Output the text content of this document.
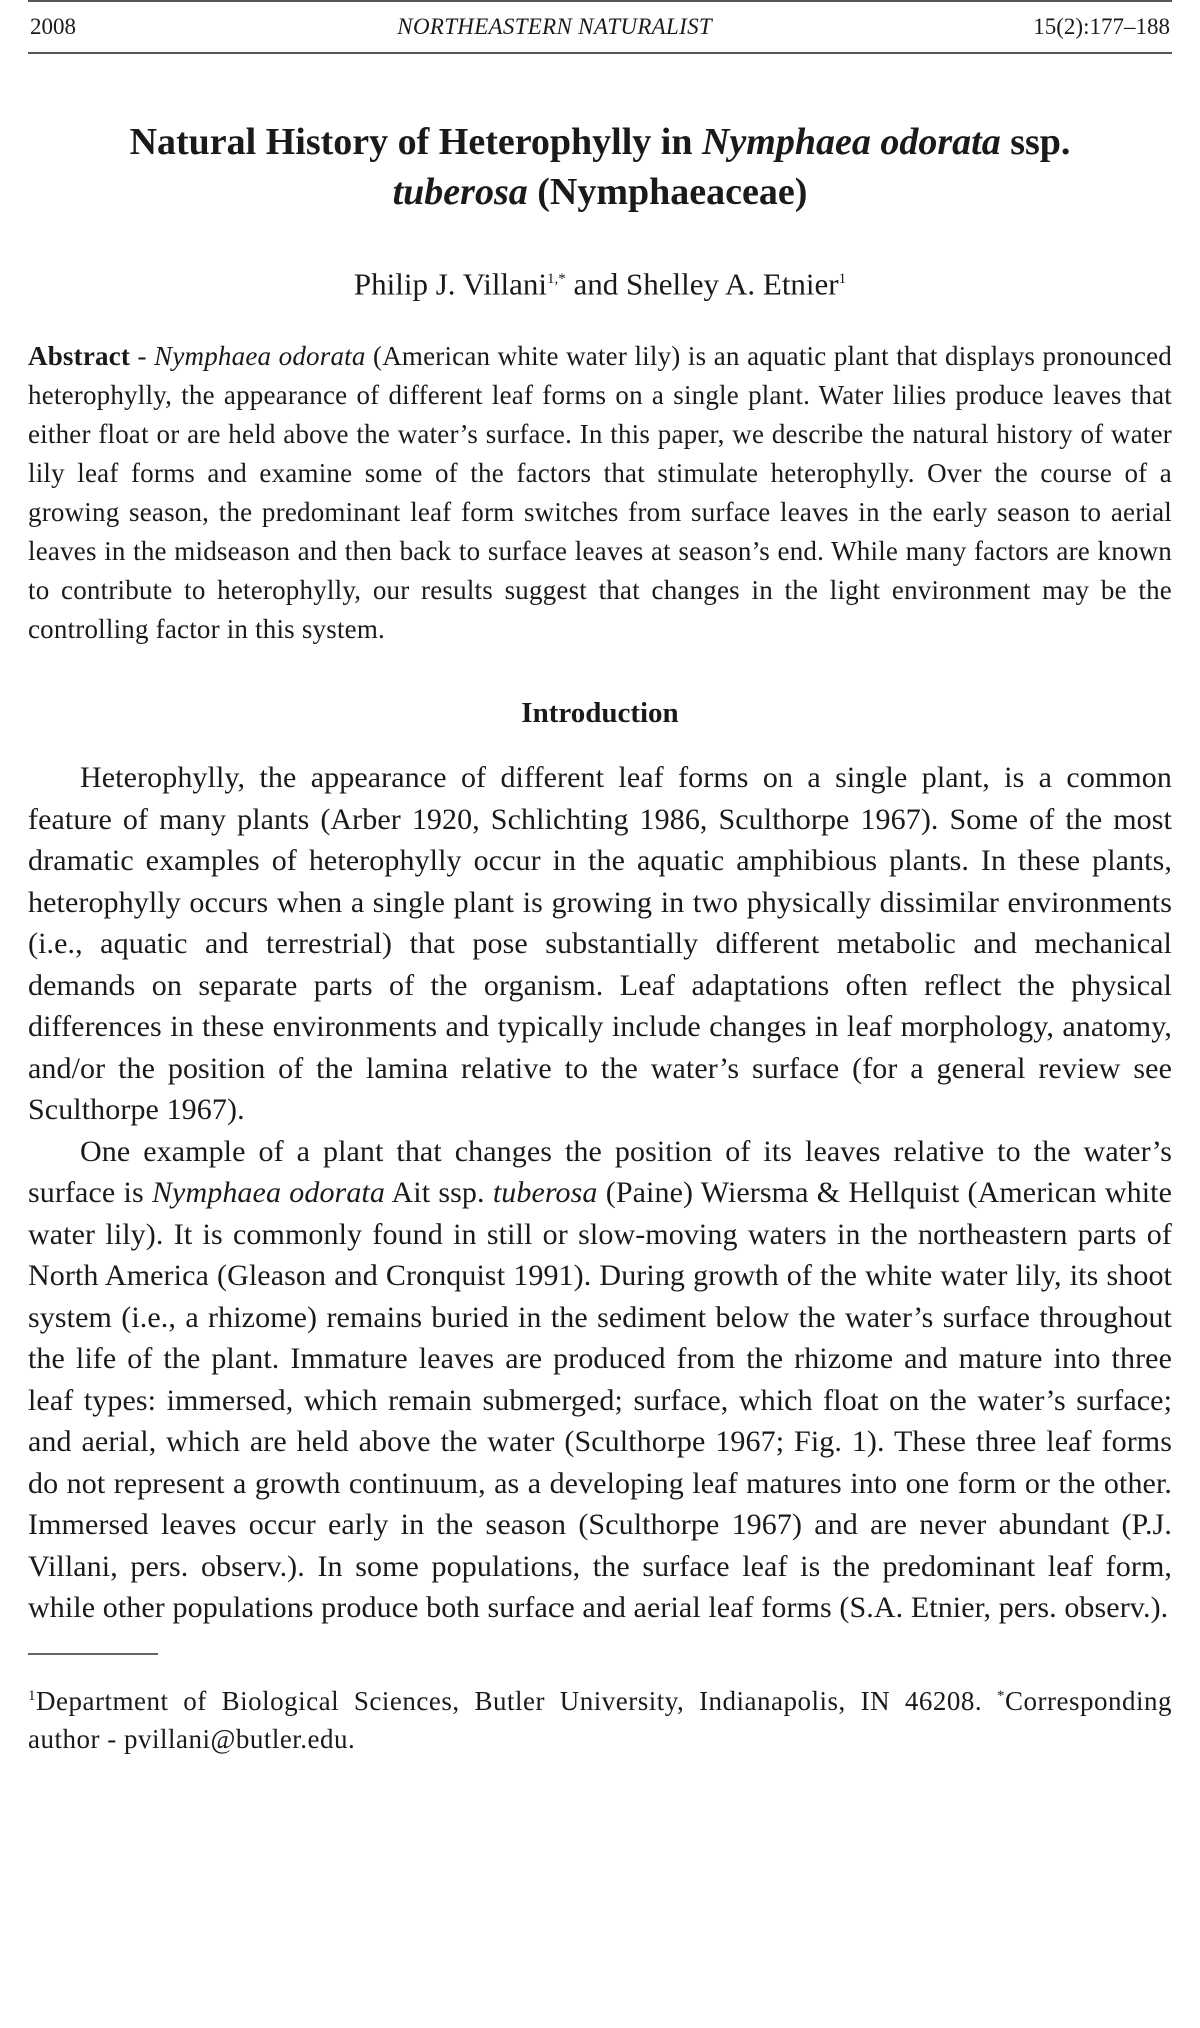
2008	NORTHEASTERN NATURALIST	15(2):177–188
Natural History of Heterophylly in Nymphaea odorata ssp.
tuberosa (Nymphaeaceae)
Philip J. Villani$^{1,*}$ and Shelley A. Etnier$^1$

Abstract - Nymphaea odorata (American white water lily) is an aquatic plant that displays pronounced heterophylly, the appearance of different leaf forms on a single plant. Water lilies produce leaves that either float or are held above the water’s surface. In this paper, we describe the natural history of water lily leaf forms and examine some of the factors that stimulate heterophylly. Over the course of a growing season, the predominant leaf form switches from surface leaves in the early season to aerial leaves in the midseason and then back to surface leaves at season’s end. While many factors are known to contribute to heterophylly, our results suggest that changes in the light environment may be the controlling factor in this system.

Introduction

Heterophylly, the appearance of different leaf forms on a single plant, is a common feature of many plants (Arber 1920, Schlichting 1986, Sculthorpe 1967). Some of the most dramatic examples of heterophylly occur in the aquatic amphibious plants. In these plants, heterophylly occurs when a single plant is growing in two physically dissimilar environments (i.e., aquatic and terrestrial) that pose substantially different metabolic and mechanical demands on separate parts of the organism. Leaf adaptations often reflect the physical differences in these environments and typically include changes in leaf morphology, anatomy, and/or the position of the lamina relative to the water’s surface (for a general review see Sculthorpe 1967).

One example of a plant that changes the position of its leaves relative to the water’s surface is Nymphaea odorata Ait ssp. tuberosa (Paine) Wiersma & Hellquist (American white water lily). It is commonly found in still or slow-moving waters in the northeastern parts of North America (Gleason and Cronquist 1991). During growth of the white water lily, its shoot system (i.e., a rhizome) remains buried in the sediment below the water’s surface throughout the life of the plant. Immature leaves are produced from the rhizome and mature into three leaf types: immersed, which remain submerged; surface, which float on the water’s surface; and aerial, which are held above the water (Sculthorpe 1967; Fig. 1). These three leaf forms do not represent a growth continuum, as a developing leaf matures into one form or the other. Immersed leaves occur early in the season (Sculthorpe 1967) and are never abundant (P.J. Villani, pers. observ.). In some populations, the surface leaf is the predominant leaf form, while other populations produce both surface and aerial leaf forms (S.A. Etnier, pers. observ.).

$^1$Department of Biological Sciences, Butler University, Indianapolis, IN 46208. *Corresponding author - pvillani@butler.edu.
